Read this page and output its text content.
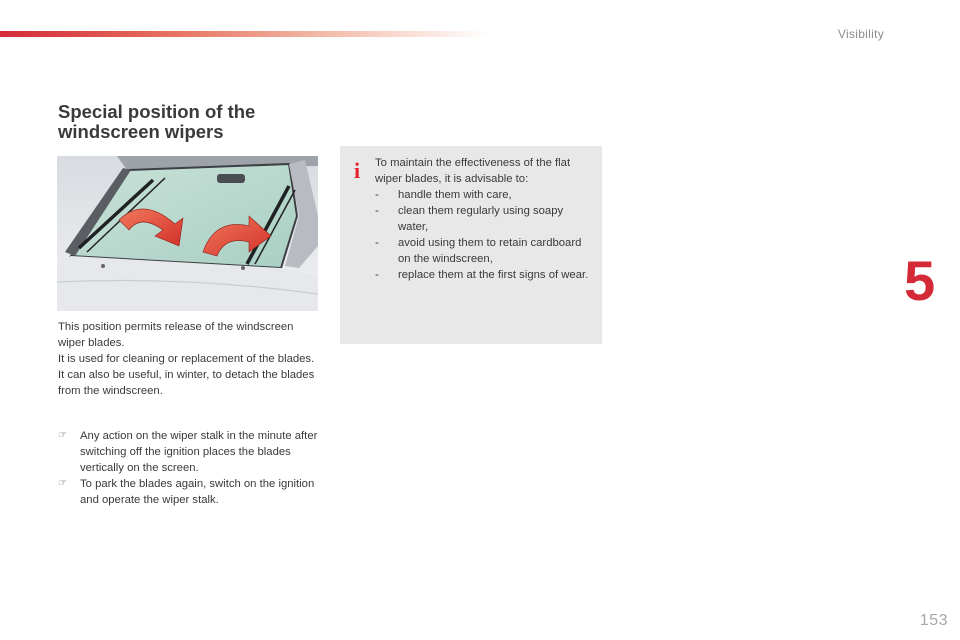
Visibility
5
Special position of the
windscreen wipers

This position permits release of the windscreen wiper blades.

It is used for cleaning or replacement of the blades. It can also be useful, in winter, to detach the blades from the windscreen.

☞ Any action on the wiper stalk in the minute after switching off the ignition places the blades vertically on the screen.
☞ To park the blades again, switch on the ignition and operate the wiper stalk.
i To maintain the effectiveness of the flat wiper blades, it is advisable to:

- handle them with care,
- clean them regularly using soapy water,
- avoid using them to retain cardboard on the windscreen,
- replace them at the first signs of wear.
153
